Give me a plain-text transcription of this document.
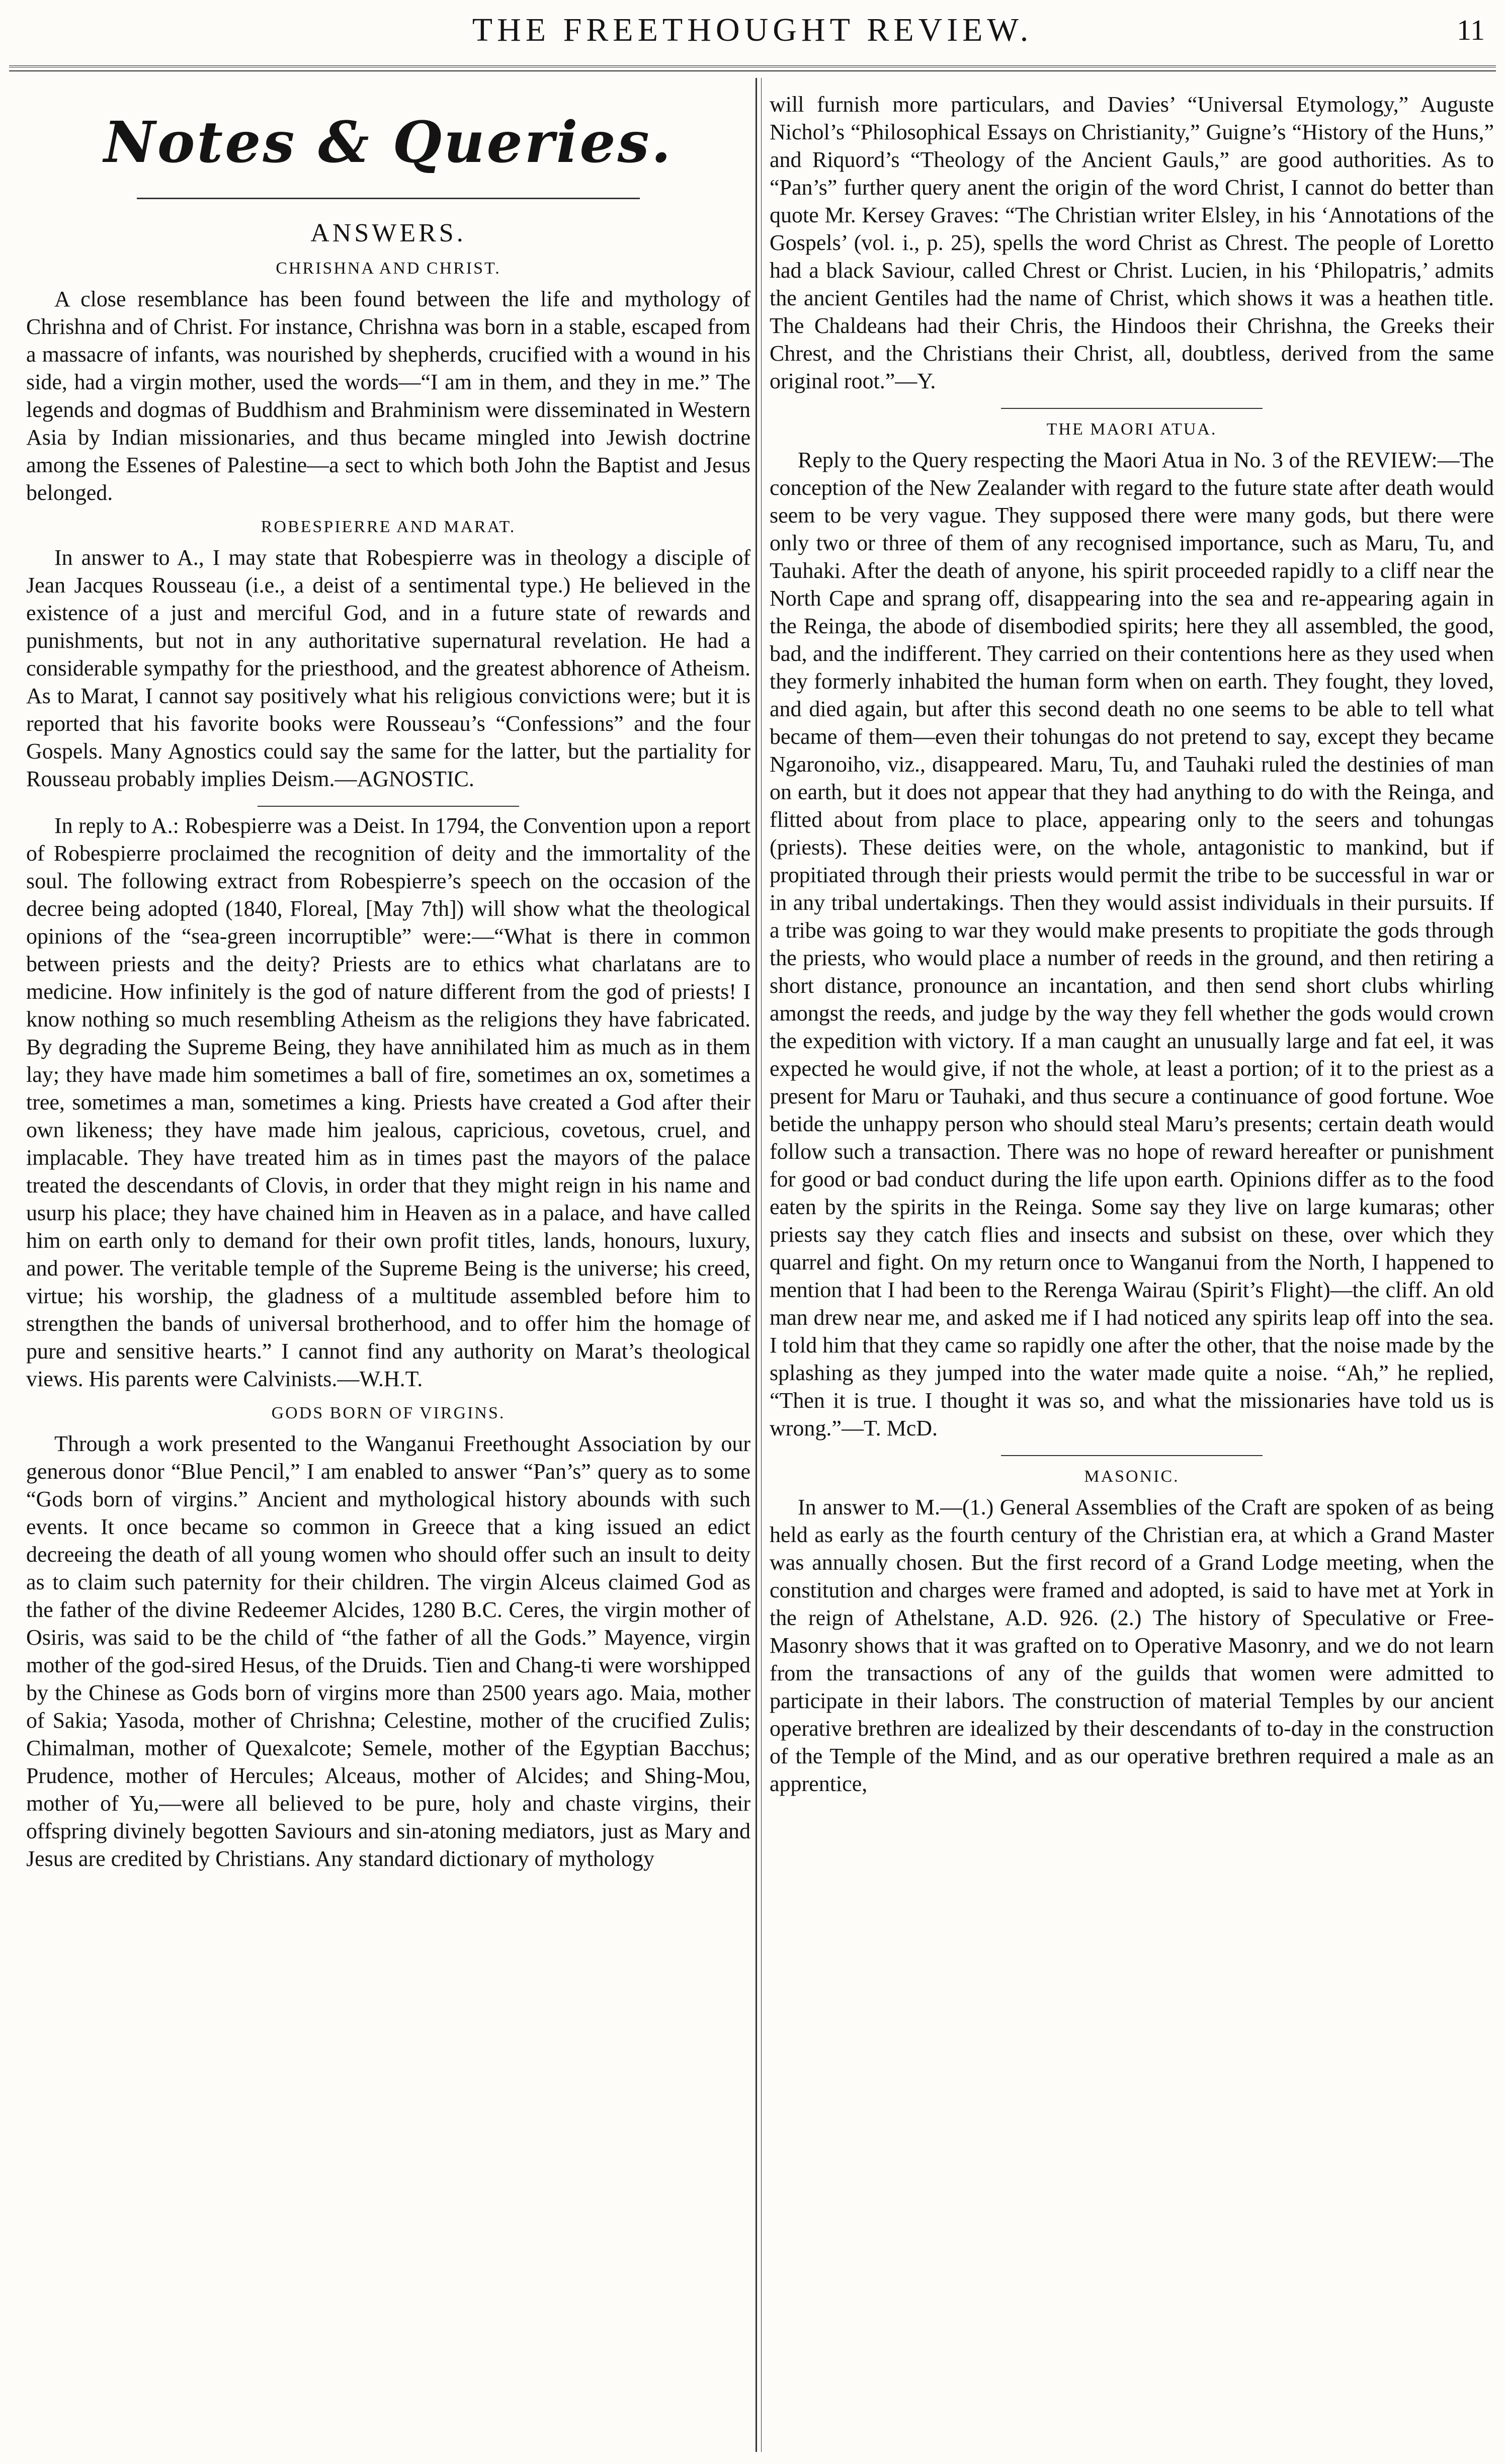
THE FREETHOUGHT REVIEW.	11
Notes & Queries.
ANSWERS.
CHRISHNA AND CHRIST.

A close resemblance has been found between the life and mythology of Chrishna and of Christ. For instance, Chrishna was born in a stable, escaped from a massacre of infants, was nourished by shepherds, crucified with a wound in his side, had a virgin mother, used the words—“I am in them, and they in me.” The legends and dogmas of Buddhism and Brahminism were disseminated in Western Asia by Indian missionaries, and thus became mingled into Jewish doctrine among the Essenes of Palestine—a sect to which both John the Baptist and Jesus belonged.

ROBESPIERRE AND MARAT.

In answer to A., I may state that Robespierre was in theology a disciple of Jean Jacques Rousseau (i.e., a deist of a sentimental type.) He believed in the existence of a just and merciful God, and in a future state of rewards and punishments, but not in any authoritative supernatural revelation. He had a considerable sympathy for the priesthood, and the greatest abhorence of Atheism. As to Marat, I cannot say positively what his religious convictions were; but it is reported that his favorite books were Rousseau’s “Confessions” and the four Gospels. Many Agnostics could say the same for the latter, but the partiality for Rousseau probably implies Deism.—AGNOSTIC.

In reply to A.: Robespierre was a Deist. In 1794, the Convention upon a report of Robespierre proclaimed the recognition of deity and the immortality of the soul. The following extract from Robespierre’s speech on the occasion of the decree being adopted (1840, Floreal, [May 7th]) will show what the theological opinions of the “sea-green incorruptible” were:—“What is there in common between priests and the deity? Priests are to ethics what charlatans are to medicine. How infinitely is the god of nature different from the god of priests! I know nothing so much resembling Atheism as the religions they have fabricated. By degrading the Supreme Being, they have annihilated him as much as in them lay; they have made him sometimes a ball of fire, sometimes an ox, sometimes a tree, sometimes a man, sometimes a king. Priests have created a God after their own likeness; they have made him jealous, capricious, covetous, cruel, and implacable. They have treated him as in times past the mayors of the palace treated the descendants of Clovis, in order that they might reign in his name and usurp his place; they have chained him in Heaven as in a palace, and have called him on earth only to demand for their own profit titles, lands, honours, luxury, and power. The veritable temple of the Supreme Being is the universe; his creed, virtue; his worship, the gladness of a multitude assembled before him to strengthen the bands of universal brotherhood, and to offer him the homage of pure and sensitive hearts.” I cannot find any authority on Marat’s theological views. His parents were Calvinists.—W.H.T.

GODS BORN OF VIRGINS.

Through a work presented to the Wanganui Freethought Association by our generous donor “Blue Pencil,” I am enabled to answer “Pan’s” query as to some “Gods born of virgins.” Ancient and mythological history abounds with such events. It once became so common in Greece that a king issued an edict decreeing the death of all young women who should offer such an insult to deity as to claim such paternity for their children. The virgin Alceus claimed God as the father of the divine Redeemer Alcides, 1280 B.C. Ceres, the virgin mother of Osiris, was said to be the child of “the father of all the Gods.” Mayence, virgin mother of the god-sired Hesus, of the Druids. Tien and Chang-ti were worshipped by the Chinese as Gods born of virgins more than 2500 years ago. Maia, mother of Sakia; Yasoda, mother of Chrishna; Celestine, mother of the crucified Zulis; Chimalman, mother of Quexalcote; Semele, mother of the Egyptian Bacchus; Prudence, mother of Hercules; Alceaus, mother of Alcides; and Shing-Mou, mother of Yu,—were all believed to be pure, holy and chaste virgins, their offspring divinely begotten Saviours and sin-atoning mediators, just as Mary and Jesus are credited by Christians. Any standard dictionary of mythology

will furnish more particulars, and Davies’ “Universal Etymology,” Auguste Nichol’s “Philosophical Essays on Christianity,” Guigne’s “History of the Huns,” and Riquord’s “Theology of the Ancient Gauls,” are good authorities. As to “Pan’s” further query anent the origin of the word Christ, I cannot do better than quote Mr. Kersey Graves: “The Christian writer Elsley, in his ‘Annotations of the Gospels’ (vol. i., p. 25), spells the word Christ as Chrest. The people of Loretto had a black Saviour, called Chrest or Christ. Lucien, in his ‘Philopatris,’ admits the ancient Gentiles had the name of Christ, which shows it was a heathen title. The Chaldeans had their Chris, the Hindoos their Chrishna, the Greeks their Chrest, and the Christians their Christ, all, doubtless, derived from the same original root.”—Y.

THE MAORI ATUA.

Reply to the Query respecting the Maori Atua in No. 3 of the REVIEW:—The conception of the New Zealander with regard to the future state after death would seem to be very vague. They supposed there were many gods, but there were only two or three of them of any recognised importance, such as Maru, Tu, and Tauhaki. After the death of anyone, his spirit proceeded rapidly to a cliff near the North Cape and sprang off, disappearing into the sea and re-appearing again in the Reinga, the abode of disembodied spirits; here they all assembled, the good, bad, and the indifferent. They carried on their contentions here as they used when they formerly inhabited the human form when on earth. They fought, they loved, and died again, but after this second death no one seems to be able to tell what became of them—even their tohungas do not pretend to say, except they became Ngaronoiho, viz., disappeared. Maru, Tu, and Tauhaki ruled the destinies of man on earth, but it does not appear that they had anything to do with the Reinga, and flitted about from place to place, appearing only to the seers and tohungas (priests). These deities were, on the whole, antagonistic to mankind, but if propitiated through their priests would permit the tribe to be successful in war or in any tribal undertakings. Then they would assist individuals in their pursuits. If a tribe was going to war they would make presents to propitiate the gods through the priests, who would place a number of reeds in the ground, and then retiring a short distance, pronounce an incantation, and then send short clubs whirling amongst the reeds, and judge by the way they fell whether the gods would crown the expedition with victory. If a man caught an unusually large and fat eel, it was expected he would give, if not the whole, at least a portion; of it to the priest as a present for Maru or Tauhaki, and thus secure a continuance of good fortune. Woe betide the unhappy person who should steal Maru’s presents; certain death would follow such a transaction. There was no hope of reward hereafter or punishment for good or bad conduct during the life upon earth. Opinions differ as to the food eaten by the spirits in the Reinga. Some say they live on large kumaras; other priests say they catch flies and insects and subsist on these, over which they quarrel and fight. On my return once to Wanganui from the North, I happened to mention that I had been to the Rerenga Wairau (Spirit’s Flight)—the cliff. An old man drew near me, and asked me if I had noticed any spirits leap off into the sea. I told him that they came so rapidly one after the other, that the noise made by the splashing as they jumped into the water made quite a noise. “Ah,” he replied, “Then it is true. I thought it was so, and what the missionaries have told us is wrong.”—T. McD.

MASONIC.

In answer to M.—(1.) General Assemblies of the Craft are spoken of as being held as early as the fourth century of the Christian era, at which a Grand Master was annually chosen. But the first record of a Grand Lodge meeting, when the constitution and charges were framed and adopted, is said to have met at York in the reign of Athelstane, A.D. 926. (2.) The history of Speculative or Free-Masonry shows that it was grafted on to Operative Masonry, and we do not learn from the transactions of any of the guilds that women were admitted to participate in their labors. The construction of material Temples by our ancient operative brethren are idealized by their descendants of to-day in the construction of the Temple of the Mind, and as our operative brethren required a male as an apprentice,
